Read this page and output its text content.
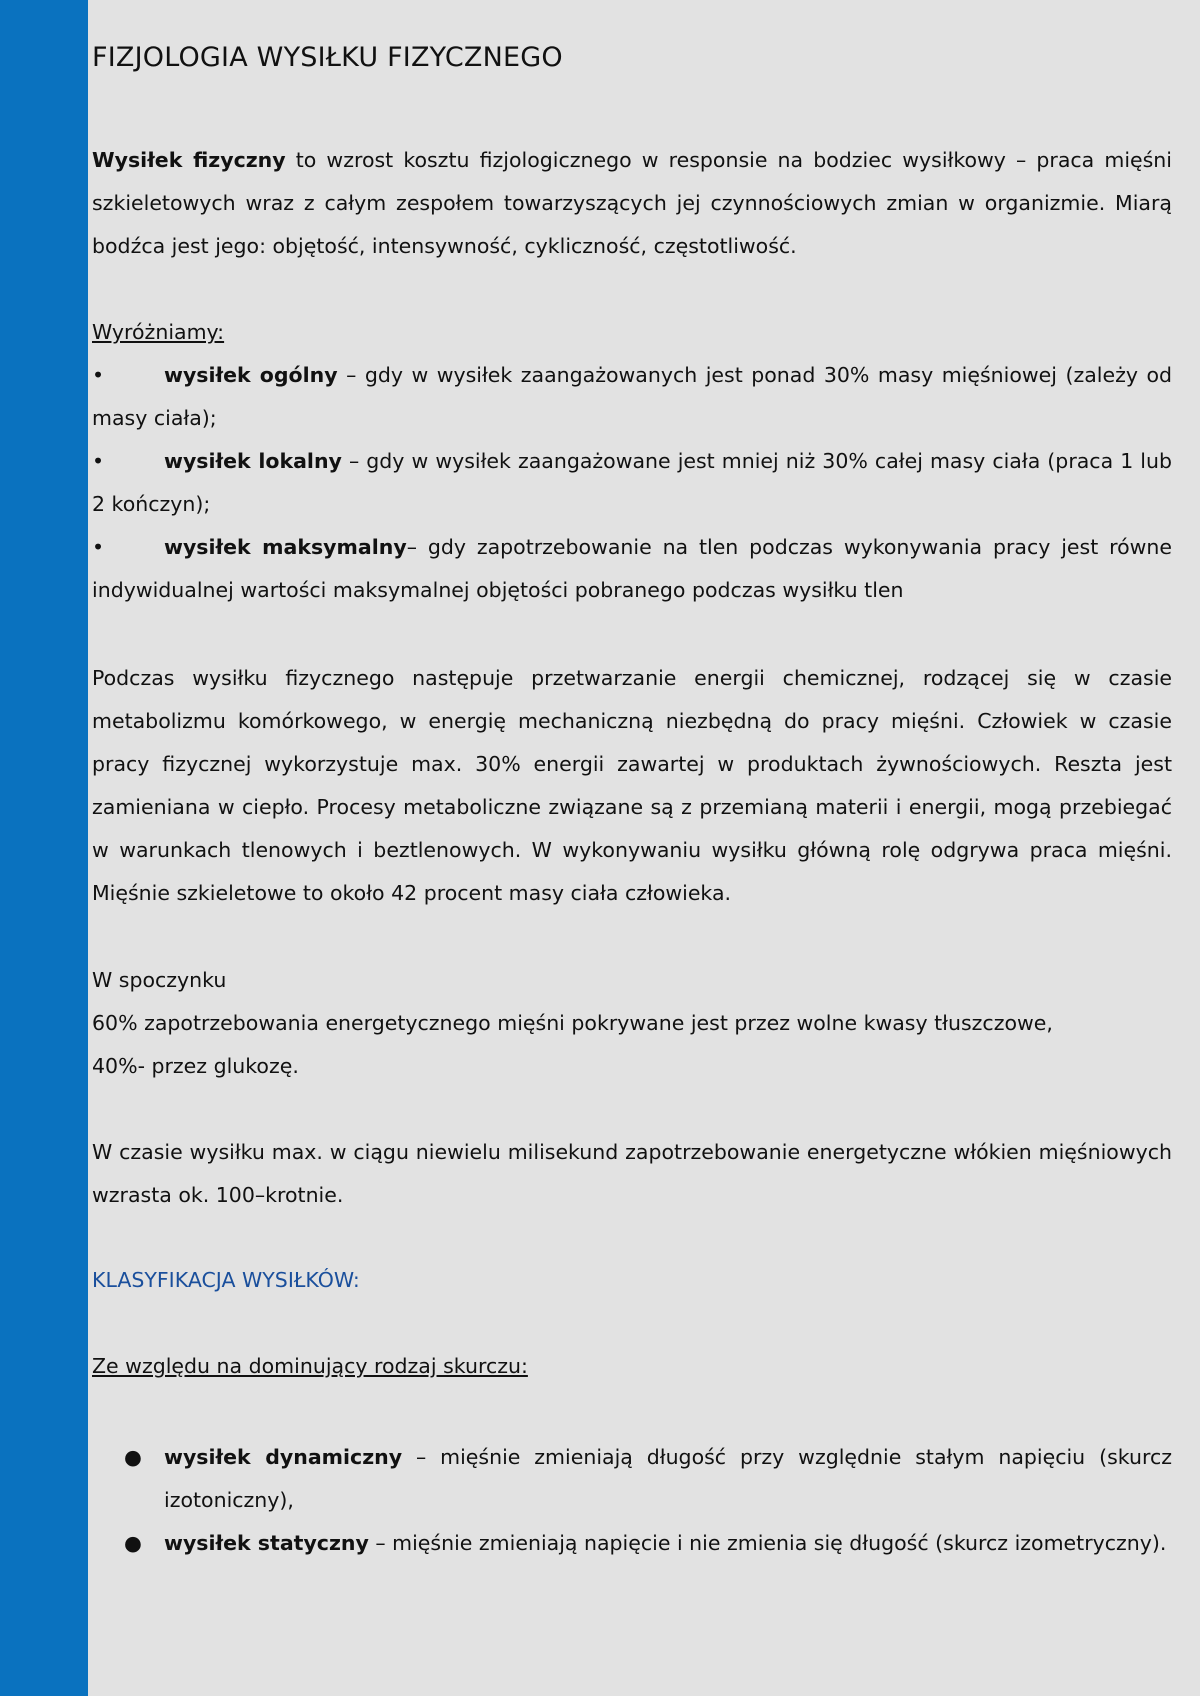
FIZJOLOGIA WYSIŁKU FIZYCZNEGO

Wysiłek fizyczny to wzrost kosztu fizjologicznego w responsie na bodziec wysiłkowy – praca mięśni szkieletowych wraz z całym zespołem towarzyszących jej czynnościowych zmian w organizmie. Miarą bodźca jest jego: objętość, intensywność, cykliczność, częstotliwość.

Wyróżniamy:

•	wysiłek ogólny – gdy w wysiłek zaangażowanych jest ponad 30% masy mięśniowej (zależy od masy ciała);
•	wysiłek lokalny – gdy w wysiłek zaangażowane jest mniej niż 30% całej masy ciała (praca 1 lub 2 kończyn);
•	wysiłek maksymalny– gdy zapotrzebowanie na tlen podczas wykonywania pracy jest równe indywidualnej wartości maksymalnej objętości pobranego podczas wysiłku tlen

Podczas wysiłku fizycznego następuje przetwarzanie energii chemicznej, rodzącej się w czasie metabolizmu komórkowego, w energię mechaniczną niezbędną do pracy mięśni. Człowiek w czasie pracy fizycznej wykorzystuje max. 30% energii zawartej w produktach żywnościowych. Reszta jest zamieniana w ciepło. Procesy metaboliczne związane są z przemianą materii i energii, mogą przebiegać w warunkach tlenowych i beztlenowych. W wykonywaniu wysiłku główną rolę odgrywa praca mięśni. Mięśnie szkieletowe to około 42 procent masy ciała człowieka.

W spoczynku

60% zapotrzebowania energetycznego mięśni pokrywane jest przez wolne kwasy tłuszczowe,

40%- przez glukozę.

W czasie wysiłku max. w ciągu niewielu milisekund zapotrzebowanie energetyczne włókien mięśniowych wzrasta ok. 100–krotnie.

KLASYFIKACJA WYSIŁKÓW:

Ze względu na dominujący rodzaj skurczu:

● wysiłek dynamiczny – mięśnie zmieniają długość przy względnie stałym napięciu (skurcz izotoniczny),
● wysiłek statyczny – mięśnie zmieniają napięcie i nie zmienia się długość (skurcz izometryczny).
